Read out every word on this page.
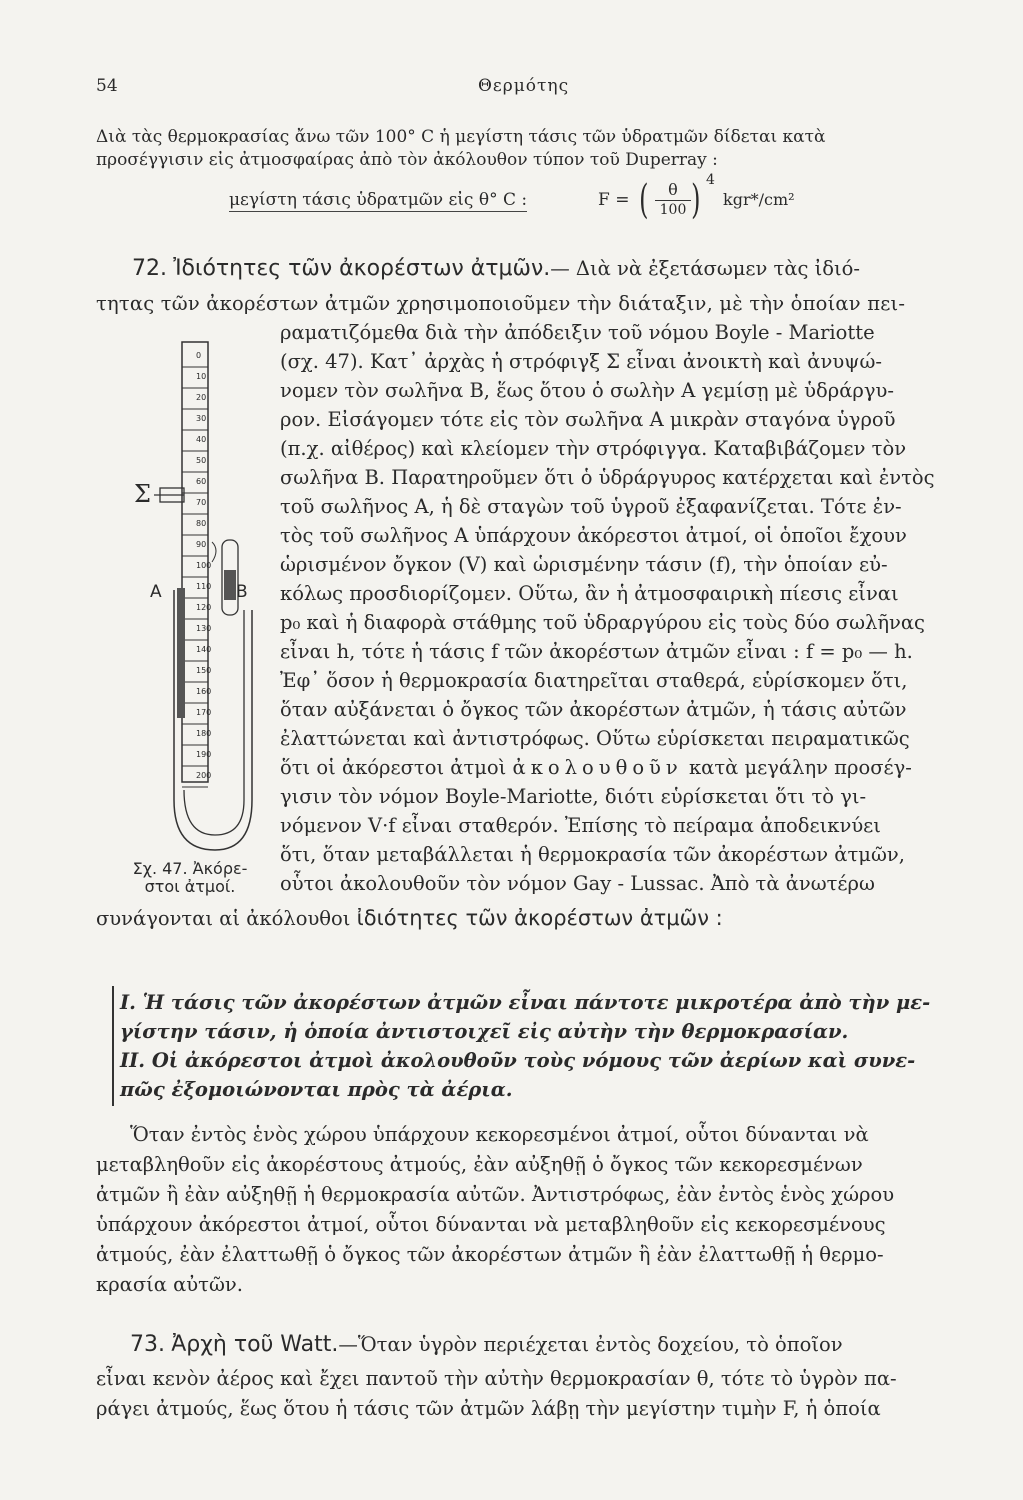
54	Θερμότης
Διὰ τὰς θερμοκρασίας ἄνω τῶν 100° C ἡ μεγίστη τάσις τῶν ὑδρατμῶν δίδεται κατὰ
προσέγγισιν εἰς ἀτμοσφαίρας ἀπὸ τὸν ἀκόλουθον τύπον τοῦ Duperray :
μεγίστη τάσις ὑδρατμῶν εἰς θ° C :	F = (	θ
100 ) 4
kgr*/cm²
72. Ἰδιότητες τῶν ἀκορέστων ἀτμῶν.— Διὰ νὰ ἐξετάσωμεν τὰς ἰδιό-
τητας τῶν ἀκορέστων ἀτμῶν χρησιμοποιοῦμεν τὴν διάταξιν, μὲ τὴν ὁποίαν πει-
ραματιζόμεθα διὰ τὴν ἀπόδειξιν τοῦ νόμου Boyle - Mariotte
(σχ. 47). Κατ᾽ ἀρχὰς ἡ στρόφιγξ Σ εἶναι ἀνοικτὴ καὶ ἀνυψώ-
νομεν τὸν σωλῆνα Β, ἕως ὅτου ὁ σωλὴν Α γεμίσῃ μὲ ὑδράργυ-
ρον. Εἰσάγομεν τότε εἰς τὸν σωλῆνα Α μικρὰν σταγόνα ὑγροῦ
(π.χ. αἰθέρος) καὶ κλείομεν τὴν στρόφιγγα. Καταβιβάζομεν τὸν
σωλῆνα Β. Παρατηροῦμεν ὅτι ὁ ὑδράργυρος κατέρχεται καὶ ἐντὸς
τοῦ σωλῆνος Α, ἡ δὲ σταγὼν τοῦ ὑγροῦ ἐξαφανίζεται. Τότε ἐν-
τὸς τοῦ σωλῆνος Α ὑπάρχουν ἀκόρεστοι ἀτμοί, οἱ ὁποῖοι ἔχουν
ὡρισμένον ὄγκον (V) καὶ ὡρισμένην τάσιν (f), τὴν ὁποίαν εὐ-
κόλως προσδιορίζομεν. Οὕτω, ἂν ἡ ἀτμοσφαιρικὴ πίεσις εἶναι
p₀ καὶ ἡ διαφορὰ στάθμης τοῦ ὑδραργύρου εἰς τοὺς δύο σωλῆνας
εἶναι h, τότε ἡ τάσις f τῶν ἀκορέστων ἀτμῶν εἶναι : f = p₀ — h.
Ἐφ᾽ ὅσον ἡ θερμοκρασία διατηρεῖται σταθερά, εὑρίσκομεν ὅτι,
ὅταν αὐξάνεται ὁ ὄγκος τῶν ἀκορέστων ἀτμῶν, ἡ τάσις αὐτῶν
ἐλαττώνεται καὶ ἀντιστρόφως. Οὕτω εὑρίσκεται πειραματικῶς
ὅτι οἱ ἀκόρεστοι ἀτμοὶ ἀκολουθοῦν κατὰ μεγάλην προσέγ-
γισιν τὸν νόμον Boyle-Mariotte, διότι εὑρίσκεται ὅτι τὸ γι-
νόμενον V·f εἶναι σταθερόν. Ἐπίσης τὸ πείραμα ἀποδεικνύει
ὅτι, ὅταν μεταβάλλεται ἡ θερμοκρασία τῶν ἀκορέστων ἀτμῶν,
οὗτοι ἀκολουθοῦν τὸν νόμον Gay - Lussac. Ἀπὸ τὰ ἀνωτέρω
συνάγονται αἱ ἀκόλουθοι ἰδιότητες τῶν ἀκορέστων ἀτμῶν :
0
10
20
30
40
50
60
70
80
90
100
110
120
130
140
150
160
170
180
190
200
Σ
Α	Β
Σχ. 47. Ἀκόρε-
στοι ἀτμοί.
I. Ἡ τάσις τῶν ἀκορέστων ἀτμῶν εἶναι πάντοτε μικροτέρα ἀπὸ τὴν με-
γίστην τάσιν, ἡ ὁποία ἀντιστοιχεῖ εἰς αὐτὴν τὴν θερμοκρασίαν.
II. Οἱ ἀκόρεστοι ἀτμοὶ ἀκολουθοῦν τοὺς νόμους τῶν ἀερίων καὶ συνε-
πῶς ἐξομοιώνονται πρὸς τὰ ἀέρια.
Ὅταν ἐντὸς ἑνὸς χώρου ὑπάρχουν κεκορεσμένοι ἀτμοί, οὗτοι δύνανται νὰ
μεταβληθοῦν εἰς ἀκορέστους ἀτμούς, ἐὰν αὐξηθῇ ὁ ὄγκος τῶν κεκορεσμένων
ἀτμῶν ἢ ἐὰν αὐξηθῇ ἡ θερμοκρασία αὐτῶν. Ἀντιστρόφως, ἐὰν ἐντὸς ἑνὸς χώρου
ὑπάρχουν ἀκόρεστοι ἀτμοί, οὗτοι δύνανται νὰ μεταβληθοῦν εἰς κεκορεσμένους
ἀτμούς, ἐὰν ἐλαττωθῇ ὁ ὄγκος τῶν ἀκορέστων ἀτμῶν ἢ ἐὰν ἐλαττωθῇ ἡ θερμο-
κρασία αὐτῶν.
73. Ἀρχὴ τοῦ Watt.—Ὅταν ὑγρὸν περιέχεται ἐντὸς δοχείου, τὸ ὁποῖον
εἶναι κενὸν ἀέρος καὶ ἔχει παντοῦ τὴν αὐτὴν θερμοκρασίαν θ, τότε τὸ ὑγρὸν πα-
ράγει ἀτμούς, ἕως ὅτου ἡ τάσις τῶν ἀτμῶν λάβῃ τὴν μεγίστην τιμὴν F, ἡ ὁποία
